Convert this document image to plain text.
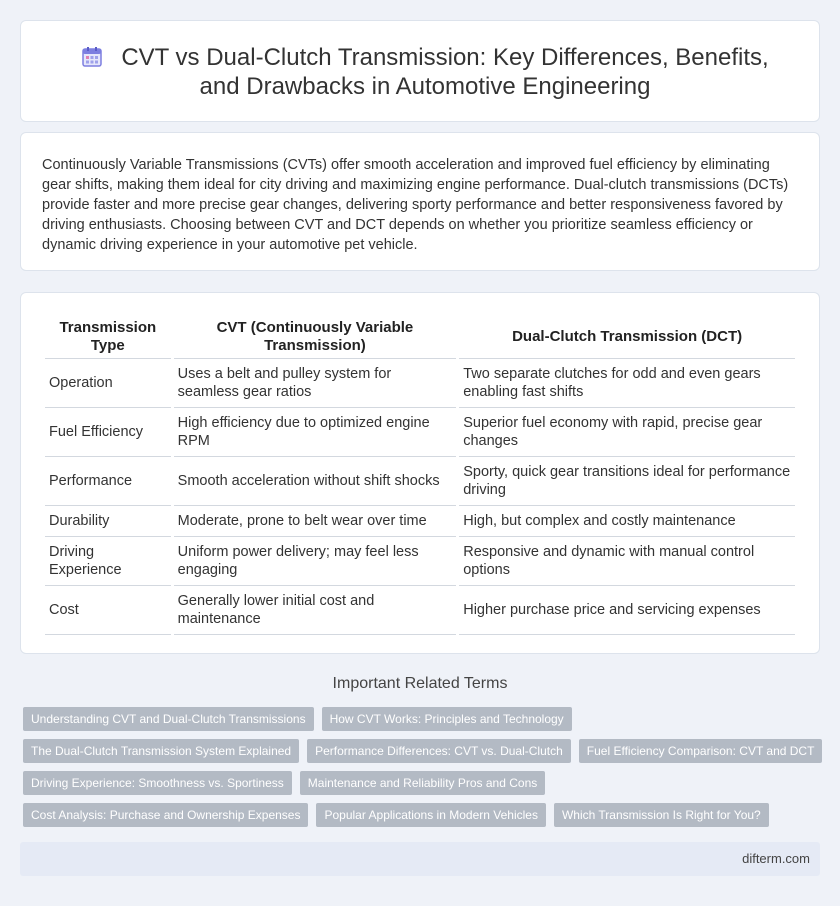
CVT vs Dual-Clutch Transmission: Key Differences, Benefits, and Drawbacks in Automotive Engineering

Continuously Variable Transmissions (CVTs) offer smooth acceleration and improved fuel efficiency by eliminating gear shifts, making them ideal for city driving and maximizing engine performance. Dual-clutch transmissions (DCTs) provide faster and more precise gear changes, delivering sporty performance and better responsiveness favored by driving enthusiasts. Choosing between CVT and DCT depends on whether you prioritize seamless efficiency or dynamic driving experience in your automotive pet vehicle.

Transmission Type	CVT (Continuously Variable Transmission)	Dual-Clutch Transmission (DCT)
Operation	Uses a belt and pulley system for seamless gear ratios	Two separate clutches for odd and even gears enabling fast shifts
Fuel Efficiency	High efficiency due to optimized engine RPM	Superior fuel economy with rapid, precise gear changes
Performance	Smooth acceleration without shift shocks	Sporty, quick gear transitions ideal for performance driving
Durability	Moderate, prone to belt wear over time	High, but complex and costly maintenance
Driving Experience	Uniform power delivery; may feel less engaging	Responsive and dynamic with manual control options
Cost	Generally lower initial cost and maintenance	Higher purchase price and servicing expenses
Important Related Terms
Understanding CVT and Dual-Clutch Transmissions	How CVT Works: Principles and Technology
The Dual-Clutch Transmission System Explained	Performance Differences: CVT vs. Dual-Clutch	Fuel Efficiency Comparison: CVT and DCT
Driving Experience: Smoothness vs. Sportiness	Maintenance and Reliability Pros and Cons
Cost Analysis: Purchase and Ownership Expenses	Popular Applications in Modern Vehicles	Which Transmission Is Right for You?
difterm.com
